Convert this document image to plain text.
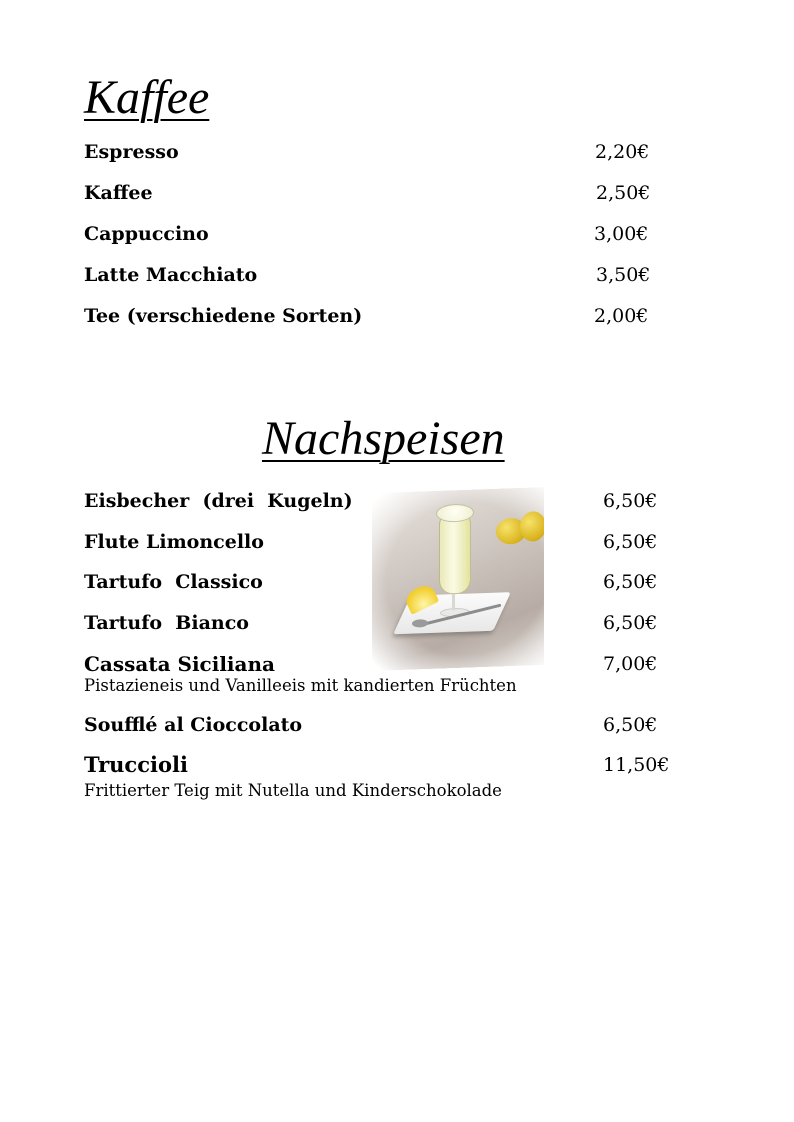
Kaffee
Espresso	2,20€
Kaffee	2,50€
Cappuccino	3,00€
Latte Macchiato	3,50€
Tee (verschiedene Sorten)	2,00€
Nachspeisen
Eisbecher  (drei  Kugeln)	6,50€
Flute Limoncello	6,50€
Tartufo  Classico	6,50€
Tartufo  Bianco	6,50€
Cassata Siciliana	7,00€
Pistazieneis und Vanilleeis mit kandierten Früchten
Soufflé al Cioccolato	6,50€
Truccioli	11,50€
Frittierter Teig mit Nutella und Kinderschokolade
